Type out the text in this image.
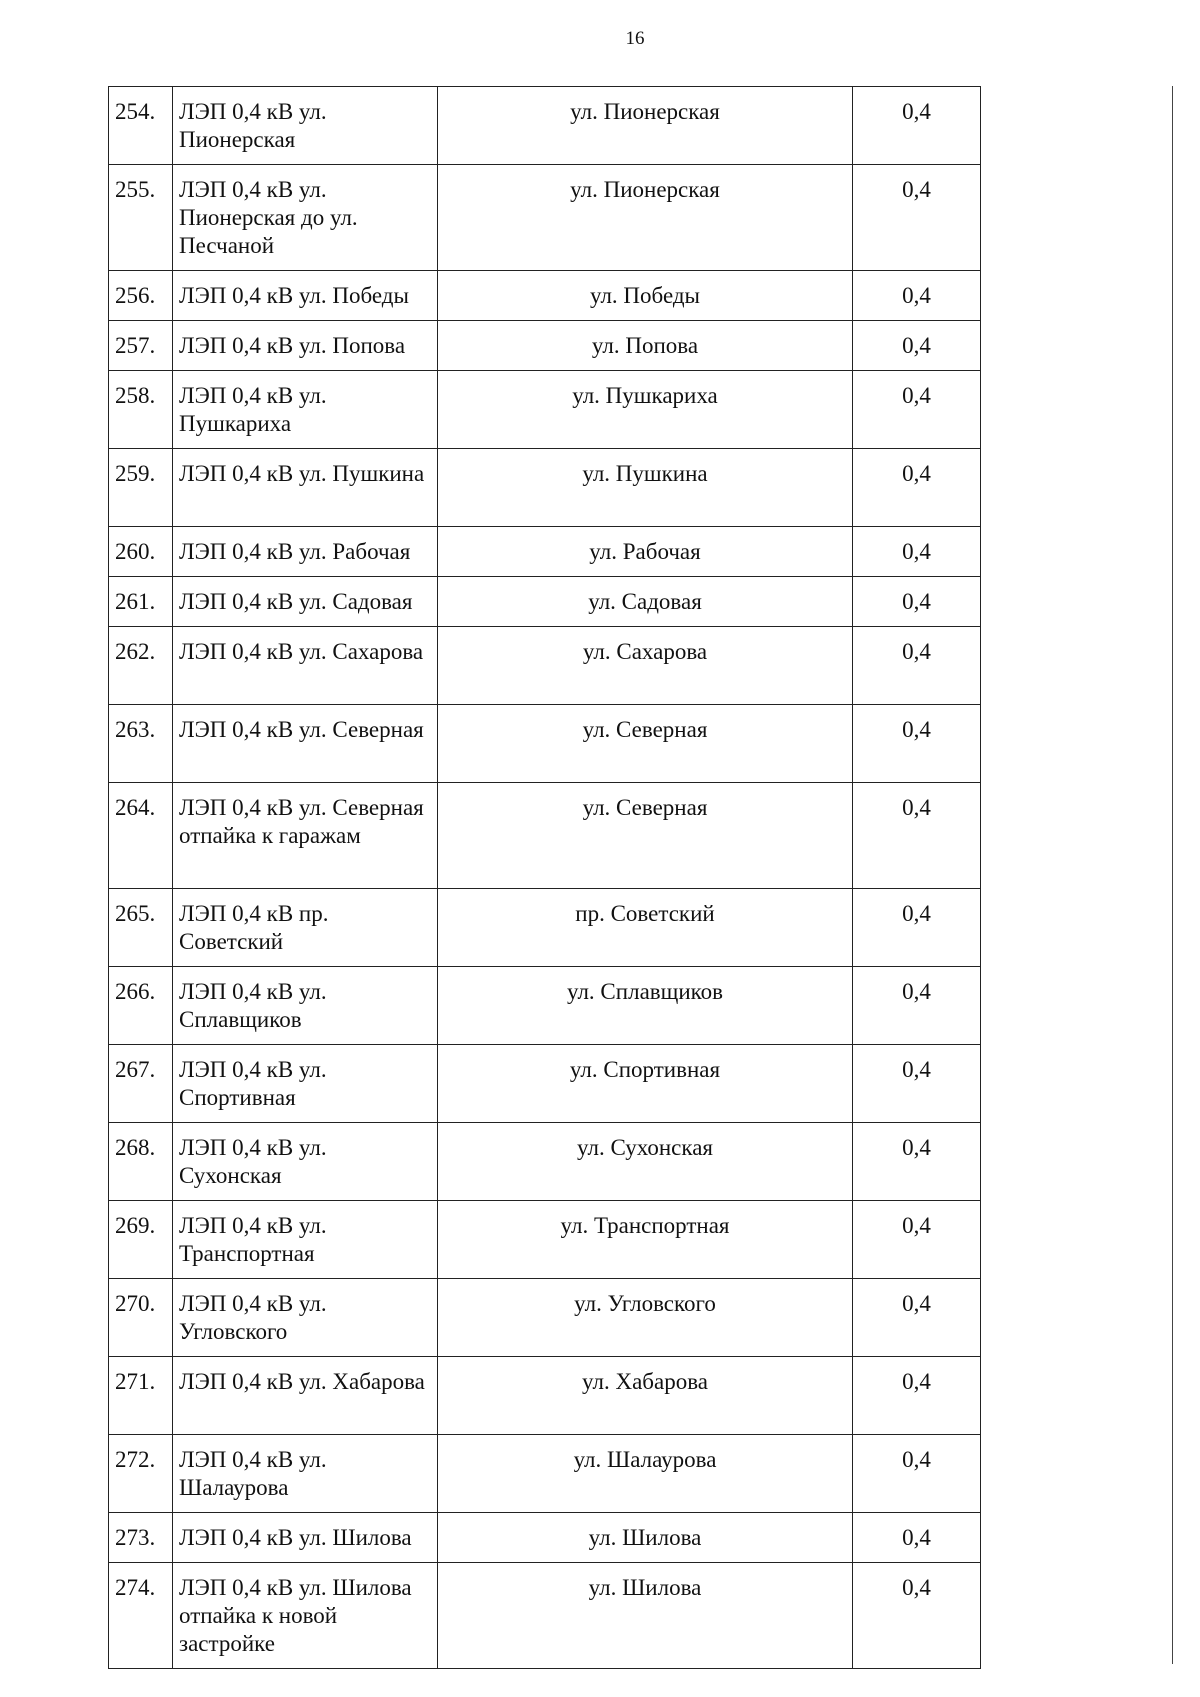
16
254.	ЛЭП 0,4 кВ ул. Пионерская	ул. Пионерская	0,4
255.	ЛЭП 0,4 кВ ул. Пионерская до ул. Песчаной	ул. Пионерская	0,4
256.	ЛЭП 0,4 кВ ул. Победы	ул. Победы	0,4
257.	ЛЭП 0,4 кВ ул. Попова	ул. Попова	0,4
258.	ЛЭП 0,4 кВ ул. Пушкариха	ул. Пушкариха	0,4
259.	ЛЭП 0,4 кВ ул. Пушкина	ул. Пушкина	0,4
260.	ЛЭП 0,4 кВ ул. Рабочая	ул. Рабочая	0,4
261.	ЛЭП 0,4 кВ ул. Садовая	ул. Садовая	0,4
262.	ЛЭП 0,4 кВ ул. Сахарова	ул. Сахарова	0,4
263.	ЛЭП 0,4 кВ ул. Северная	ул. Северная	0,4
264.	ЛЭП 0,4 кВ ул. Северная отпайка к гаражам	ул. Северная	0,4
265.	ЛЭП 0,4 кВ пр. Советский	пр. Советский	0,4
266.	ЛЭП 0,4 кВ ул. Сплавщиков	ул. Сплавщиков	0,4
267.	ЛЭП 0,4 кВ ул. Спортивная	ул. Спортивная	0,4
268.	ЛЭП 0,4 кВ ул. Сухонская	ул. Сухонская	0,4
269.	ЛЭП 0,4 кВ ул. Транспортная	ул. Транспортная	0,4
270.	ЛЭП 0,4 кВ ул. Угловского	ул. Угловского	0,4
271.	ЛЭП 0,4 кВ ул. Хабарова	ул. Хабарова	0,4
272.	ЛЭП 0,4 кВ ул. Шалаурова	ул. Шалаурова	0,4
273.	ЛЭП 0,4 кВ ул. Шилова	ул. Шилова	0,4
274.	ЛЭП 0,4 кВ ул. Шилова отпайка к новой застройке	ул. Шилова	0,4
